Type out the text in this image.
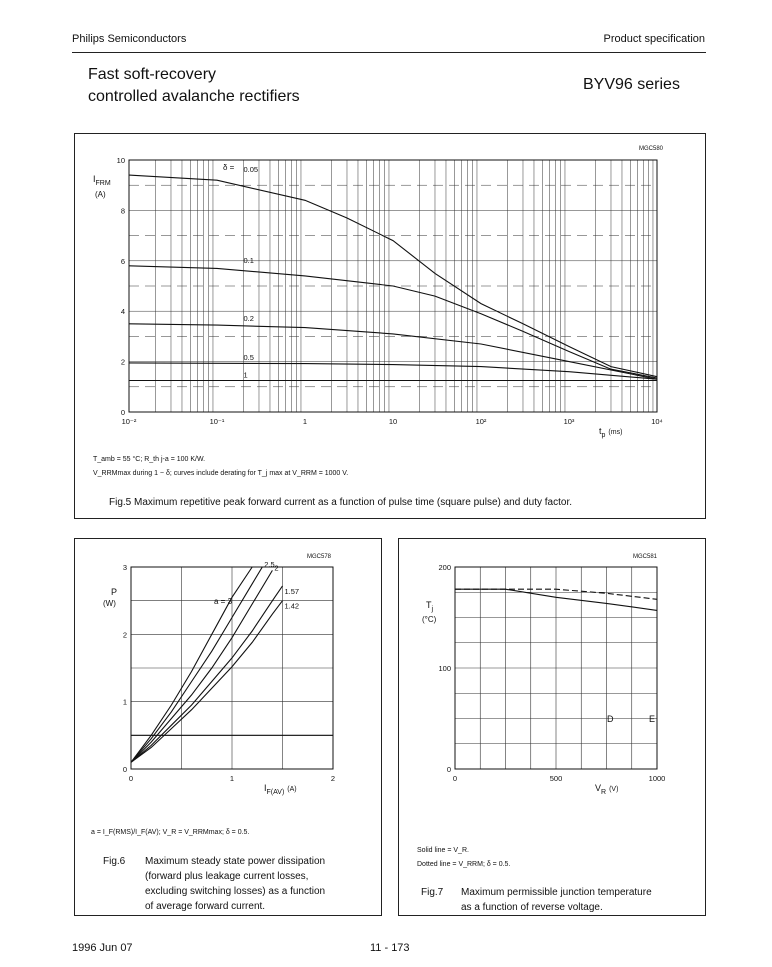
Philips Semiconductors	Product specification
Fast soft-recovery
controlled avalanche rectifiers
BYV96 series
0
2
4
6
8
10
10⁻²	10⁻¹	1	10	10²	10³	10⁴
0.05
0.1
0.2
0.5
1
MGC580
$I_{FRM}$
(A)
δ =
$t_p$ $^{(ms)}$
T_amb = 55 °C; R_th j-a = 100 K/W.
V_RRMmax during 1 − δ; curves include derating for T_j max at V_RRM = 1000 V.
Fig.5 Maximum repetitive peak forward current as a function of pulse time (square pulse) and duty factor.
0
1
2
3
0	1	2
2.5 2
1.57
1.42
MGC578
P
(W)	a = 3
$I_{F(AV)}$ $^{(A)}$
a = I_F(RMS)/I_F(AV); V_R = V_RRMmax; δ = 0.5.
Fig.6 Maximum steady state power dissipation
(forward plus leakage current losses,
excluding switching losses) as a function
of average forward current.
0
100
200
0	500	1000
MGC581
$T_j$
(°C)
D	E
$V_R$ $^{(V)}$
Solid line = V_R.
Dotted line = V_RRM; δ = 0.5.
Fig.7 Maximum permissible junction temperature
as a function of reverse voltage.
1996 Jun 07	11 - 173
